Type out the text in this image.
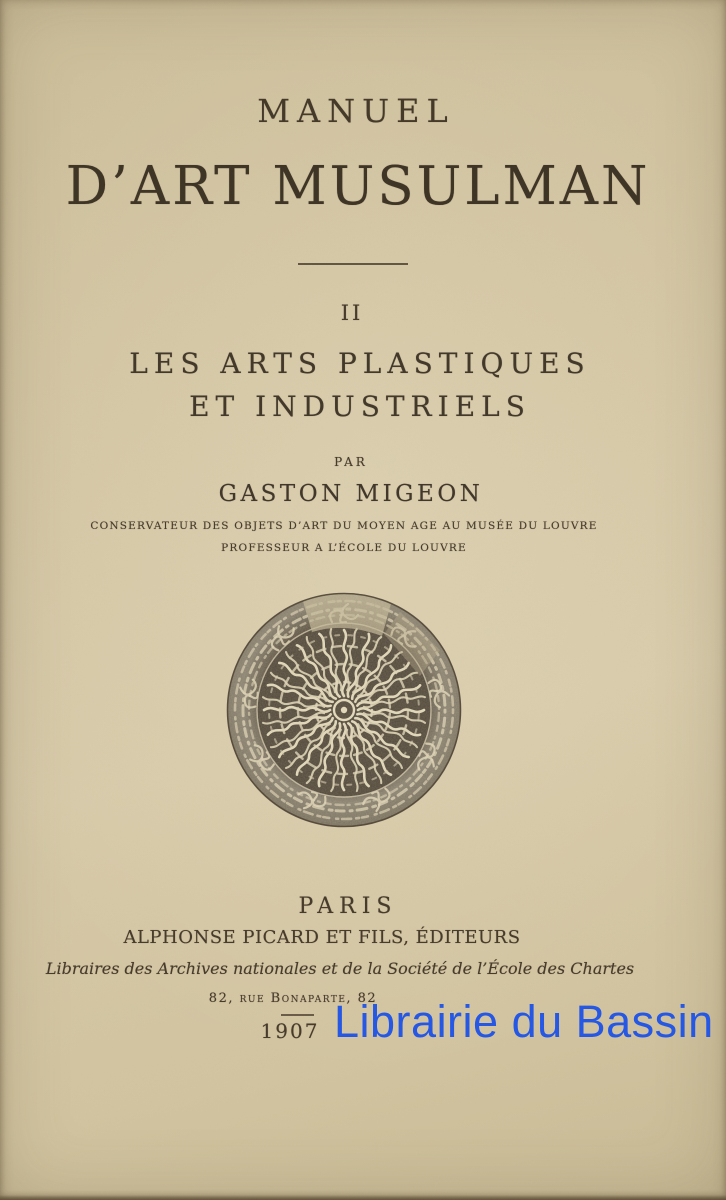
MANUEL
D’ART MUSULMAN
II
LES ARTS PLASTIQUES
ET INDUSTRIELS
PAR
GASTON MIGEON
CONSERVATEUR DES OBJETS D’ART DU MOYEN AGE AU MUSÉE DU LOUVRE
PROFESSEUR A L’ÉCOLE DU LOUVRE
PARIS
ALPHONSE PICARD ET FILS, ÉDITEURS
Libraires des Archives nationales et de la Société de l’École des Chartes
82, rue Bonaparte, 82
1907 Librairie du Bassin
